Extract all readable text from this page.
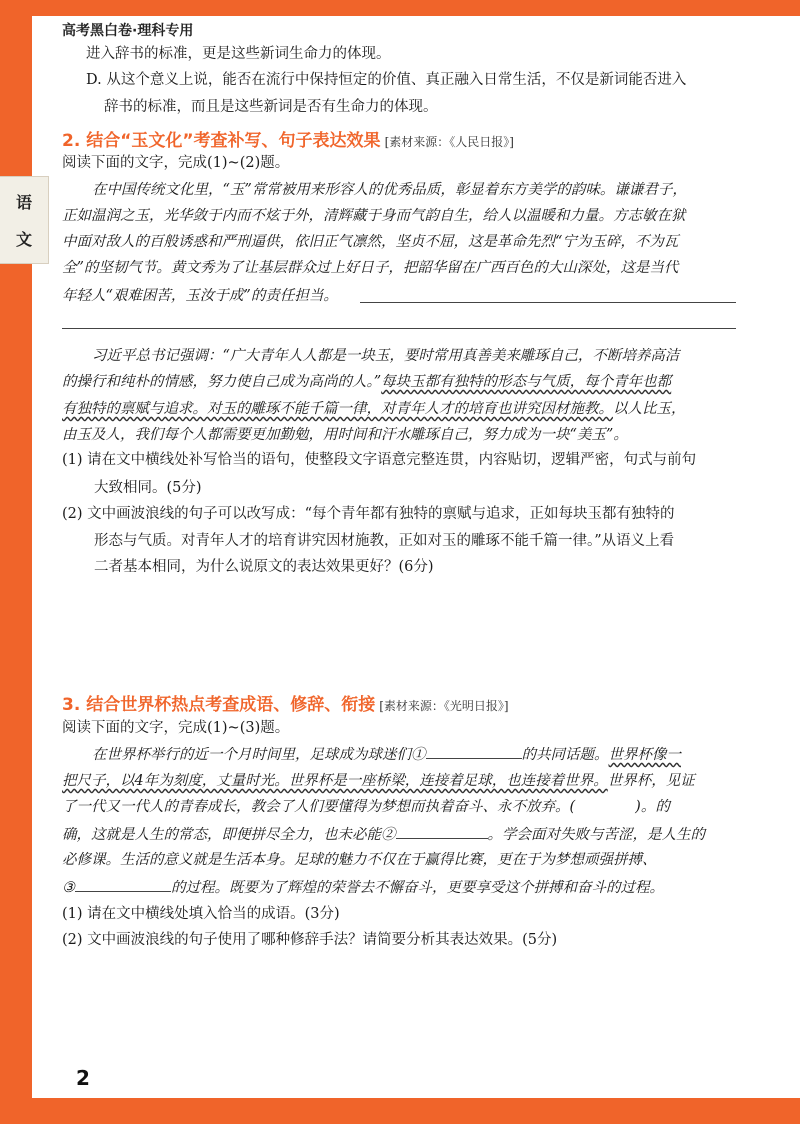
语
文
高考黑白卷·理科专用
进入辞书的标准，更是这些新词生命力的体现。
D. 从这个意义上说，能否在流行中保持恒定的价值、真正融入日常生活，不仅是新词能否进入
辞书的标准，而且是这些新词是否有生命力的体现。
2. 结合“玉文化”考查补写、句子表达效果 [素材来源：《人民日报》]
阅读下面的文字，完成(1)~(2)题。
在中国传统文化里，“玉”常常被用来形容人的优秀品质，彰显着东方美学的韵味。谦谦君子，
正如温润之玉，光华敛于内而不炫于外，清辉藏于身而气韵自生，给人以温暖和力量。方志敏在狱
中面对敌人的百般诱惑和严刑逼供，依旧正气凛然，坚贞不屈，这是革命先烈“宁为玉碎，不为瓦
全”的坚韧气节。黄文秀为了让基层群众过上好日子，把韶华留在广西百色的大山深处，这是当代
年轻人“艰难困苦，玉汝于成”的责任担当。
习近平总书记强调：“广大青年人人都是一块玉，要时常用真善美来雕琢自己，不断培养高洁
的操行和纯朴的情感，努力使自己成为高尚的人。”每块玉都有独特的形态与气质，每个青年也都
有独特的禀赋与追求。对玉的雕琢不能千篇一律，对青年人才的培育也讲究因材施教。以人比玉，
由玉及人，我们每个人都需要更加勤勉，用时间和汗水雕琢自己，努力成为一块“美玉”。
(1) 请在文中横线处补写恰当的语句，使整段文字语意完整连贯，内容贴切，逻辑严密，句式与前句
大致相同。(5分)
(2) 文中画波浪线的句子可以改写成：“每个青年都有独特的禀赋与追求，正如每块玉都有独特的
形态与气质。对青年人才的培育讲究因材施教，正如对玉的雕琢不能千篇一律。”从语义上看
二者基本相同，为什么说原文的表达效果更好？(6分)
3. 结合世界杯热点考查成语、修辞、衔接 [素材来源：《光明日报》]
阅读下面的文字，完成(1)~(3)题。
在世界杯举行的近一个月时间里，足球成为球迷们①	的共同话题。世界杯像一
把尺子，以4年为刻度，丈量时光。世界杯是一座桥梁，连接着足球，也连接着世界。世界杯，见证
了一代又一代人的青春成长，教会了人们要懂得为梦想而执着奋斗、永不放弃。(	)。的
确，这就是人生的常态，即便拼尽全力，也未必能②	。学会面对失败与苦涩，是人生的
必修课。生活的意义就是生活本身。足球的魅力不仅在于赢得比赛，更在于为梦想顽强拼搏、
③	的过程。既要为了辉煌的荣誉去不懈奋斗，更要享受这个拼搏和奋斗的过程。
(1) 请在文中横线处填入恰当的成语。(3分)
(2) 文中画波浪线的句子使用了哪种修辞手法？请简要分析其表达效果。(5分)
2
